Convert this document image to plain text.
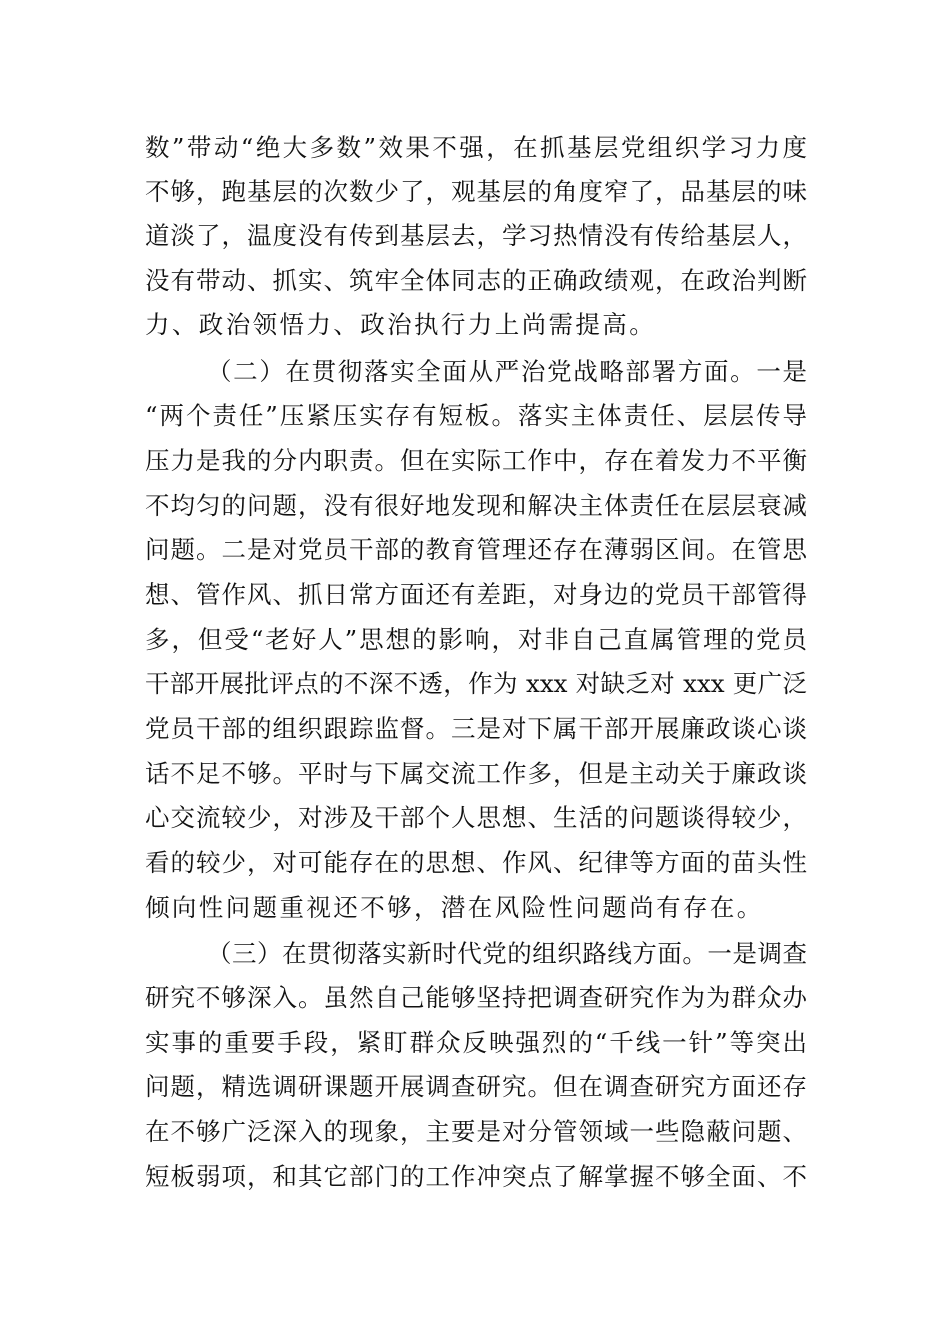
数”带动“绝大多数”效果不强，在抓基层党组织学习力度
不够，跑基层的次数少了，观基层的角度窄了，品基层的味
道淡了，温度没有传到基层去，学习热情没有传给基层人，
没有带动、抓实、筑牢全体同志的正确政绩观，在政治判断
力、政治领悟力、政治执行力上尚需提高。
（二）在贯彻落实全面从严治党战略部署方面。一是
“两个责任”压紧压实存有短板。落实主体责任、层层传导
压力是我的分内职责。但在实际工作中，存在着发力不平衡
不均匀的问题，没有很好地发现和解决主体责任在层层衰减
问题。二是对党员干部的教育管理还存在薄弱区间。在管思
想、管作风、抓日常方面还有差距，对身边的党员干部管得
多，但受“老好人”思想的影响，对非自己直属管理的党员
干部开展批评点的不深不透，作为 xxx 对缺乏对 xxx 更广泛
党员干部的组织跟踪监督。三是对下属干部开展廉政谈心谈
话不足不够。平时与下属交流工作多，但是主动关于廉政谈
心交流较少，对涉及干部个人思想、生活的问题谈得较少，
看的较少，对可能存在的思想、作风、纪律等方面的苗头性
倾向性问题重视还不够，潜在风险性问题尚有存在。
（三）在贯彻落实新时代党的组织路线方面。一是调查
研究不够深入。虽然自己能够坚持把调查研究作为为群众办
实事的重要手段，紧盯群众反映强烈的“千线一针”等突出
问题，精选调研课题开展调查研究。但在调查研究方面还存
在不够广泛深入的现象，主要是对分管领域一些隐蔽问题、
短板弱项，和其它部门的工作冲突点了解掌握不够全面、不
